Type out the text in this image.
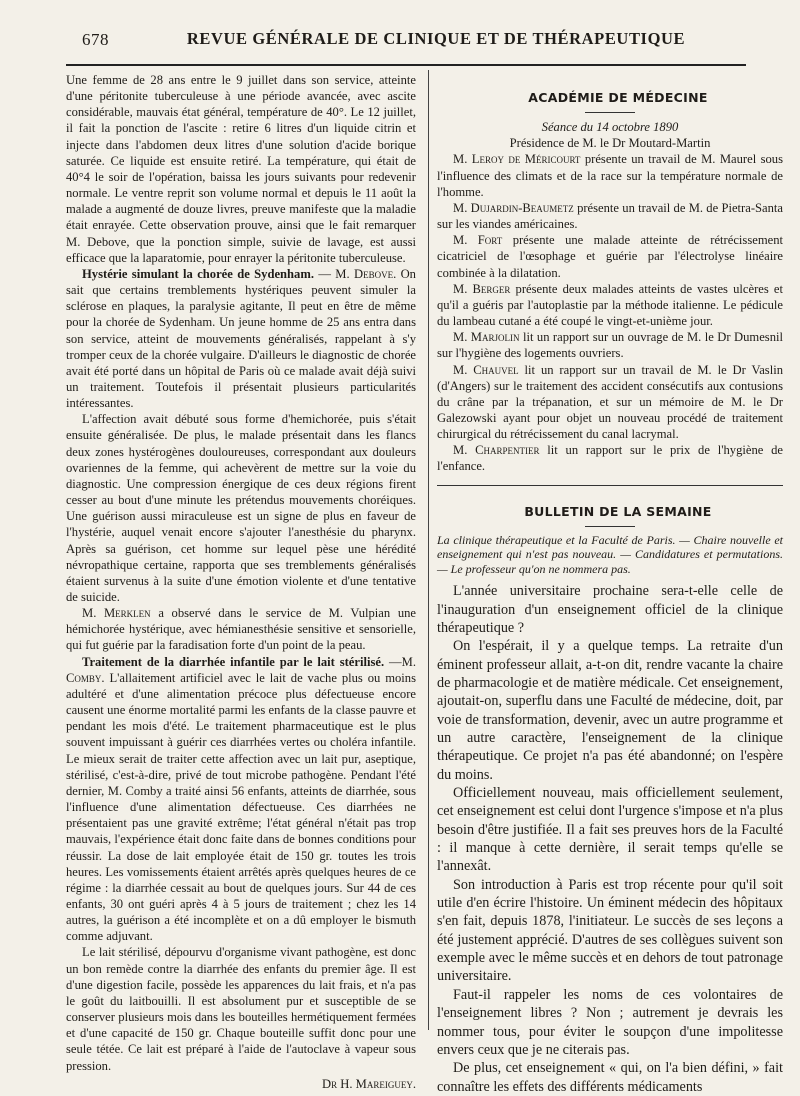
678	REVUE GÉNÉRALE DE CLINIQUE ET DE THÉRAPEUTIQUE

Une femme de 28 ans entre le 9 juillet dans son service, atteinte d'une péritonite tuberculeuse à une période avancée, avec ascite considérable, mauvais état général, température de 40°. Le 12 juillet, il fait la ponction de l'ascite : retire 6 litres d'un liquide citrin et injecte dans l'abdomen deux litres d'une solution d'acide borique saturée. Ce liquide est ensuite retiré. La température, qui était de 40°4 le soir de l'opération, baissa les jours suivants pour redevenir normale. Le ventre reprit son volume normal et depuis le 11 août la malade a augmenté de douze livres, preuve manifeste que la maladie était enrayée. Cette observation prouve, ainsi que le fait remarquer M. Debove, que la ponction simple, suivie de lavage, est aussi efficace que la laparatomie, pour enrayer la péritonite tuberculeuse.

Hystérie simulant la chorée de Sydenham. — M. Debove. On sait que certains tremblements hystériques peuvent simuler la sclérose en plaques, la paralysie agitante, Il peut en être de même pour la chorée de Sydenham. Un jeune homme de 25 ans entra dans son service, atteint de mouvements généralisés, rappelant à s'y tromper ceux de la chorée vulgaire. D'ailleurs le diagnostic de chorée avait été porté dans un hôpital de Paris où ce malade avait déjà suivi un traitement. Toutefois il présentait plusieurs particularités intéressantes.

L'affection avait débuté sous forme d'hemichorée, puis s'était ensuite généralisée. De plus, le malade présentait dans les flancs deux zones hystérogènes douloureuses, correspondant aux douleurs ovariennes de la femme, qui achevèrent de mettre sur la voie du diagnostic. Une compression énergique de ces deux régions firent cesser au bout d'une minute les prétendus mouvements choréiques. Une guérison aussi miraculeuse est un signe de plus en faveur de l'hystérie, auquel venait encore s'ajouter l'anesthésie du pharynx. Après sa guérison, cet homme sur lequel pèse une hérédité névropathique certaine, rapporta que ses tremblements généralisés étaient survenus à la suite d'une émotion violente et d'une tentative de suicide.

M. Merklen a observé dans le service de M. Vulpian une hémichorée hystérique, avec hémianesthésie sensitive et sensorielle, qui fut guérie par la faradisation forte d'un point de la peau.

Traitement de la diarrhée infantile par le lait stérilisé. —M. Comby. L'allaitement artificiel avec le lait de vache plus ou moins adultéré et d'une alimentation précoce plus défectueuse encore causent une énorme mortalité parmi les enfants de la classe pauvre et pendant les mois d'été. Le traitement pharmaceutique est le plus souvent impuissant à guérir ces diarrhées vertes ou choléra infantile. Le mieux serait de traiter cette affection avec un lait pur, aseptique, stérilisé, c'est-à-dire, privé de tout microbe pathogène. Pendant l'été dernier, M. Comby a traité ainsi 56 enfants, atteints de diarrhée, sous l'influence d'une alimentation défectueuse. Ces diarrhées ne présentaient pas une gravité extrême; l'état général n'était pas trop mauvais, l'expérience était donc faite dans de bonnes conditions pour réussir. La dose de lait employée était de 150 gr. toutes les trois heures. Les vomissements étaient arrêtés après quelques heures de ce régime : la diarrhée cessait au bout de quelques jours. Sur 44 de ces enfants, 30 ont guéri après 4 à 5 jours de traitement ; chez les 14 autres, la guérison a été incomplète et on a dû employer le bismuth comme adjuvant.

Le lait stérilisé, dépourvu d'organisme vivant pathogène, est donc un bon remède contre la diarrhée des enfants du premier âge. Il est d'une digestion facile, possède les apparences du lait frais, et n'a pas le goût du laitbouilli. Il est absolument pur et susceptible de se conserver plusieurs mois dans les bouteilles hermétiquement fermées et d'une capacité de 150 gr. Chaque bouteille suffit donc pour une seule tétée. Ce lait est préparé à l'aide de l'autoclave à vapeur sous pression.

Dr H. Mareiguey.

ACADÉMIE DE MÉDECINE

Séance du 14 octobre 1890

Présidence de M. le Dr Moutard-Martin

M. Leroy de Méricourt présente un travail de M. Maurel sous l'influence des climats et de la race sur la température normale de l'homme.

M. Dujardin-Beaumetz présente un travail de M. de Pietra-Santa sur les viandes américaines.

M. Fort présente une malade atteinte de rétrécissement cicatriciel de l'œsophage et guérie par l'électrolyse linéaire combinée à la dilatation.

M. Berger présente deux malades atteints de vastes ulcères et qu'il a guéris par l'autoplastie par la méthode italienne. Le pédicule du lambeau cutané a été coupé le vingt-et-unième jour.

M. Marjolin lit un rapport sur un ouvrage de M. le Dr Dumesnil sur l'hygiène des logements ouvriers.

M. Chauvel lit un rapport sur un travail de M. le Dr Vaslin (d'Angers) sur le traitement des accident consécutifs aux contusions du crâne par la trépanation, et sur un mémoire de M. le Dr Galezowski ayant pour objet un nouveau procédé de traitement chirurgical du rétrécissement du canal lacrymal.

M. Charpentier lit un rapport sur le prix de l'hygiène de l'enfance.

BULLETIN DE LA SEMAINE

La clinique thérapeutique et la Faculté de Paris. — Chaire nouvelle et enseignement qui n'est pas nouveau. — Candidatures et permutations. — Le professeur qu'on ne nommera pas.

L'année universitaire prochaine sera-t-elle celle de l'inauguration d'un enseignement officiel de la clinique thérapeutique ?

On l'espérait, il y a quelque temps. La retraite d'un éminent professeur allait, a-t-on dit, rendre vacante la chaire de pharmacologie et de matière médicale. Cet enseignement, ajoutait-on, superflu dans une Faculté de médecine, doit, par voie de transformation, devenir, avec un autre programme et un autre caractère, l'enseignement de la clinique thérapeutique. Ce projet n'a pas été abandonné; on l'espère du moins.

Officiellement nouveau, mais officiellement seulement, cet enseignement est celui dont l'urgence s'impose et n'a plus besoin d'être justifiée. Il a fait ses preuves hors de la Faculté : il manque à cette dernière, il serait temps qu'elle se l'annexât.

Son introduction à Paris est trop récente pour qu'il soit utile d'en écrire l'histoire. Un éminent médecin des hôpitaux s'en fait, depuis 1878, l'initiateur. Le succès de ses leçons a été justement apprécié. D'autres de ses collègues suivent son exemple avec le même succès et en dehors de tout patronage universitaire.

Faut-il rappeler les noms de ces volontaires de l'enseignement libres ? Non ; autrement je devrais les nommer tous, pour éviter le soupçon d'une impolitesse envers ceux que je ne citerais pas.

De plus, cet enseignement « qui, on l'a bien défini, » fait connaître les effets des différents médicaments
